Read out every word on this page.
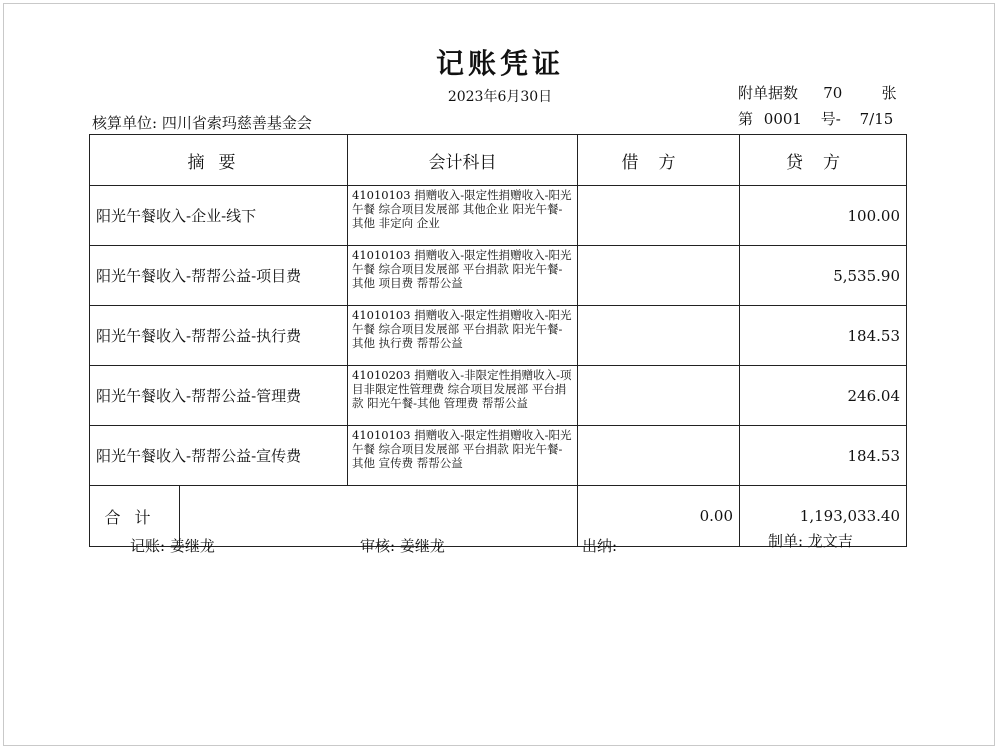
记账凭证
2023年6月30日	附单据数 70	张
核算单位: 四川省索玛慈善基金会	第 0001 号- 7/15
摘要		会计科目	借方	贷方
阳光午餐收入-企业-线下		41010103 捐赠收入-限定性捐赠收入-阳光午餐 综合项目发展部 其他企业 阳光午餐-其他 非定向 企业		100.00
阳光午餐收入-帮帮公益-项目费		41010103 捐赠收入-限定性捐赠收入-阳光午餐 综合项目发展部 平台捐款 阳光午餐-其他 项目费 帮帮公益		5,535.90
阳光午餐收入-帮帮公益-执行费		41010103 捐赠收入-限定性捐赠收入-阳光午餐 综合项目发展部 平台捐款 阳光午餐-其他 执行费 帮帮公益		184.53
阳光午餐收入-帮帮公益-管理费		41010203 捐赠收入-非限定性捐赠收入-项目非限定性管理费 综合项目发展部 平台捐款 阳光午餐-其他 管理费 帮帮公益		246.04
阳光午餐收入-帮帮公益-宣传费		41010103 捐赠收入-限定性捐赠收入-阳光午餐 综合项目发展部 平台捐款 阳光午餐-其他 宣传费 帮帮公益		184.53
合计			0.00	1,193,033.40
记账: 姜继龙	审核: 姜继龙	出纳:	制单: 龙文吉
